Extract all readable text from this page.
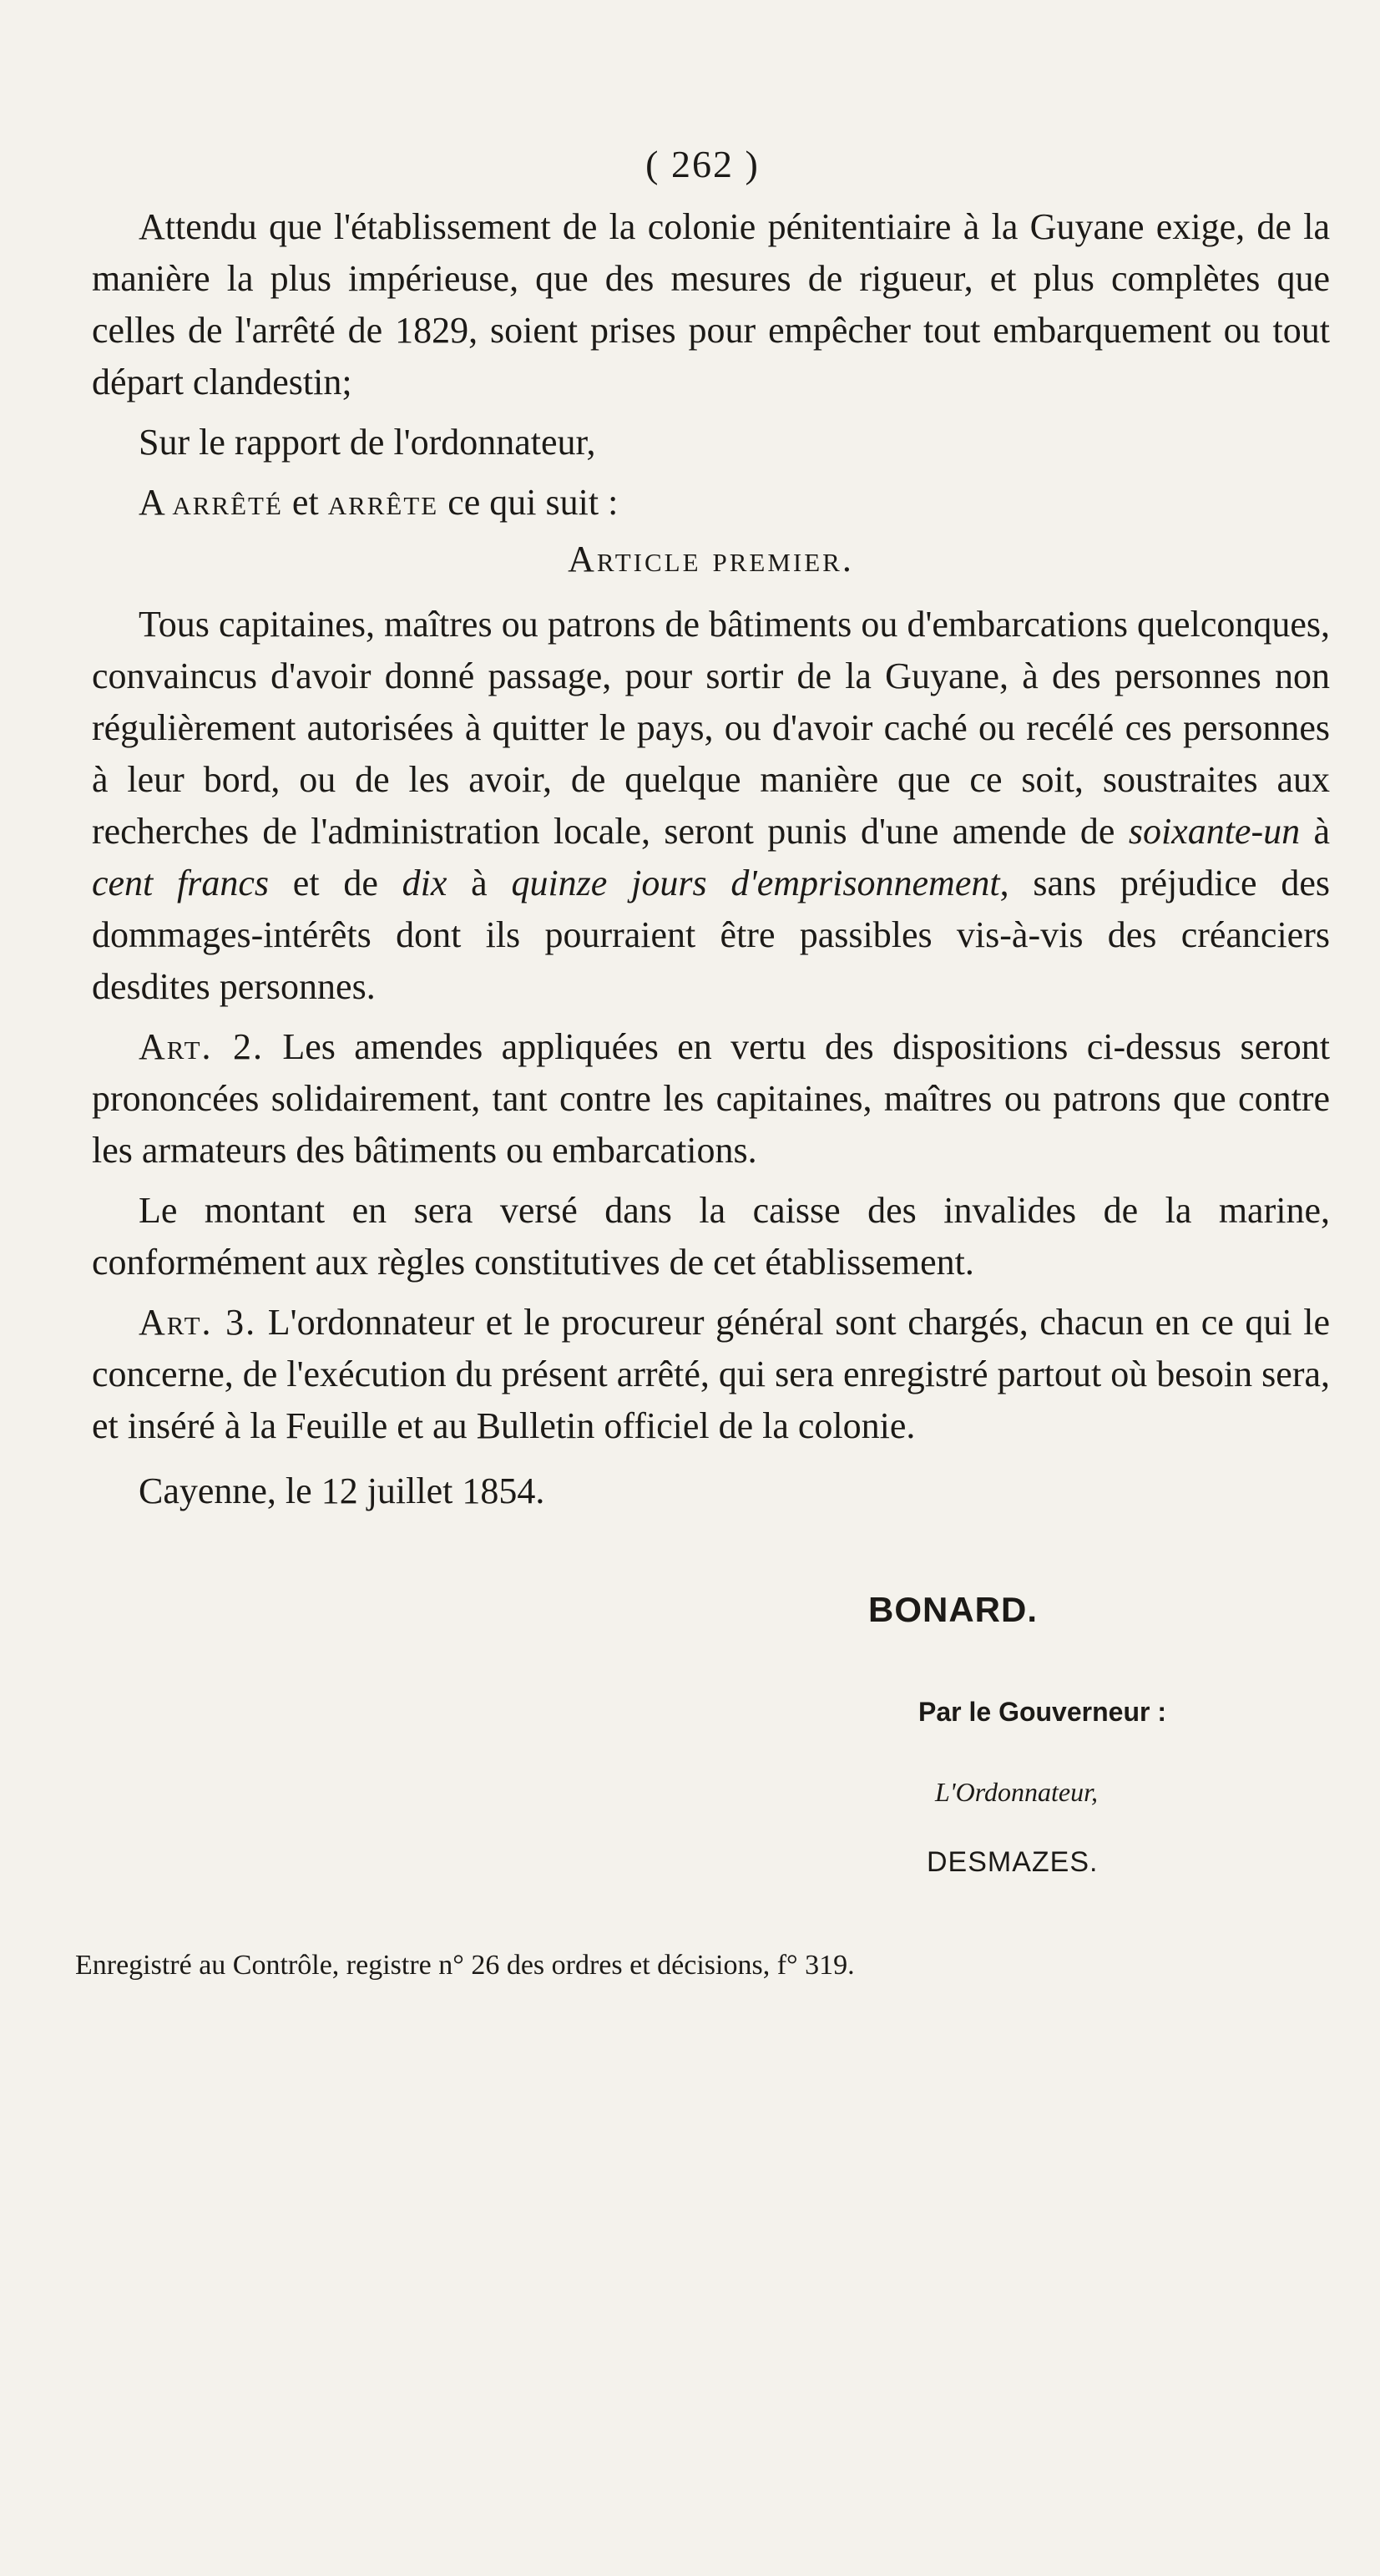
( 262 )

Attendu que l'établissement de la colonie pénitentiaire à la Guyane exige, de la manière la plus impérieuse, que des mesures de rigueur, et plus complètes que celles de l'arrêté de 1829, soient prises pour empêcher tout embarquement ou tout départ clandestin;

Sur le rapport de l'ordonnateur,

A arrêté et arrête ce qui suit :

Article premier.

Tous capitaines, maîtres ou patrons de bâtiments ou d'embarcations quelconques, convaincus d'avoir donné passage, pour sortir de la Guyane, à des personnes non régulièrement autorisées à quitter le pays, ou d'avoir caché ou recélé ces personnes à leur bord, ou de les avoir, de quelque manière que ce soit, soustraites aux recherches de l'administration locale, seront punis d'une amende de soixante-un à cent francs et de dix à quinze jours d'emprisonnement, sans préjudice des dommages-intérêts dont ils pourraient être passibles vis-à-vis des créanciers desdites personnes.

Art. 2. Les amendes appliquées en vertu des dispositions ci-dessus seront prononcées solidairement, tant contre les capitaines, maîtres ou patrons que contre les armateurs des bâtiments ou embarcations.

Le montant en sera versé dans la caisse des invalides de la marine, conformément aux règles constitutives de cet établissement.

Art. 3. L'ordonnateur et le procureur général sont chargés, chacun en ce qui le concerne, de l'exécution du présent arrêté, qui sera enregistré partout où besoin sera, et inséré à la Feuille et au Bulletin officiel de la colonie.

Cayenne, le 12 juillet 1854.

BONARD.
Par le Gouverneur :
L'Ordonnateur,
DESMAZES.
Enregistré au Contrôle, registre n° 26 des ordres et décisions, f° 319.
